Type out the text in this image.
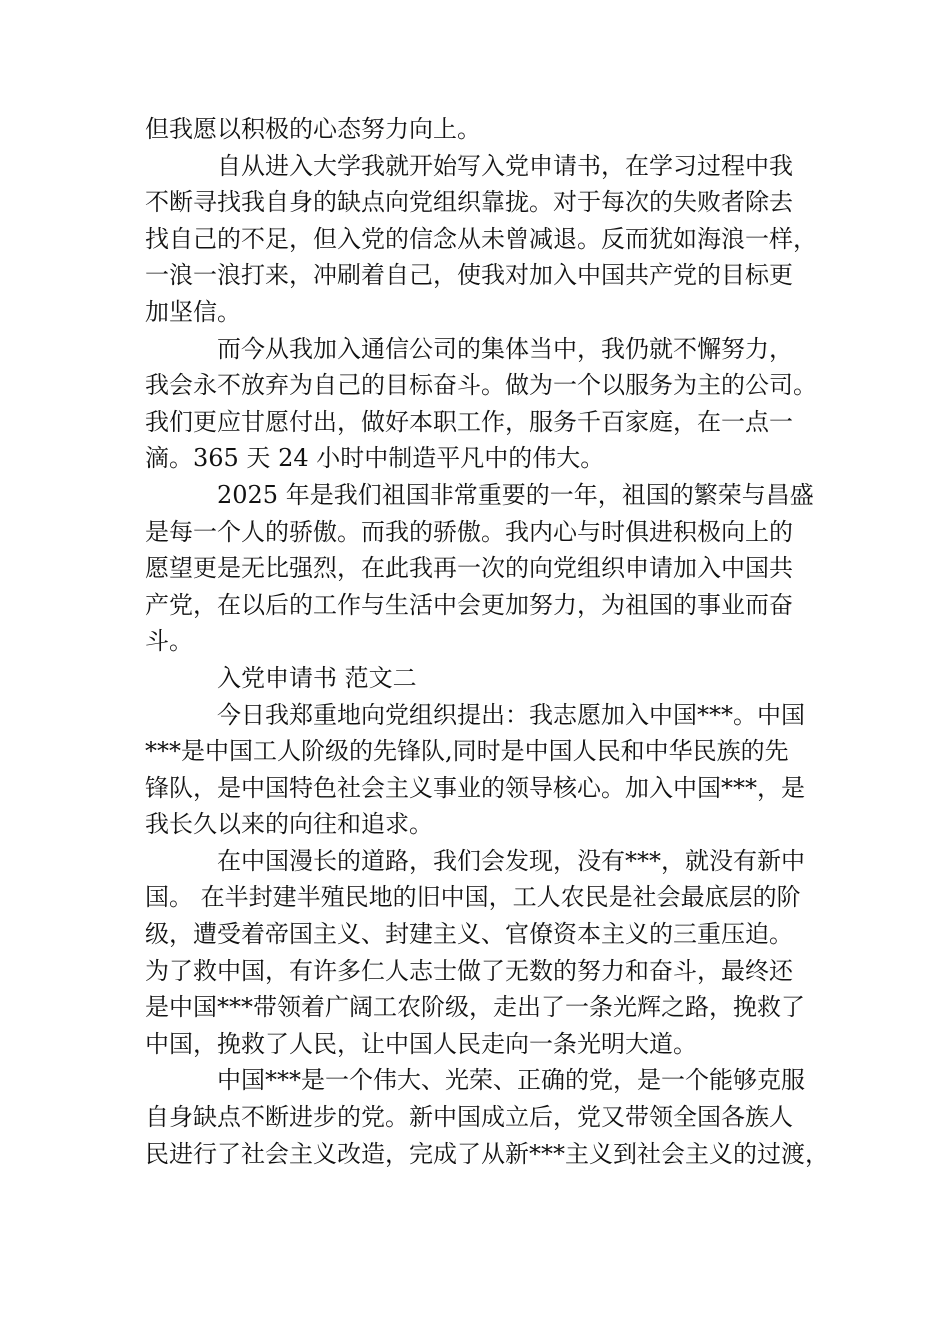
但我愿以积极的心态努力向上。
自从进入大学我就开始写入党申请书，在学习过程中我
不断寻找我自身的缺点向党组织靠拢。对于每次的失败者除去
找自己的不足，但入党的信念从未曾减退。反而犹如海浪一样，
一浪一浪打来，冲刷着自己，使我对加入中国共产党的目标更
加坚信。
而今从我加入通信公司的集体当中，我仍就不懈努力，
我会永不放弃为自己的目标奋斗。做为一个以服务为主的公司。
我们更应甘愿付出，做好本职工作，服务千百家庭，在一点一
滴。365 天 24 小时中制造平凡中的伟大。
2025 年是我们祖国非常重要的一年，祖国的繁荣与昌盛
是每一个人的骄傲。而我的骄傲。我内心与时俱进积极向上的
愿望更是无比强烈，在此我再一次的向党组织申请加入中国共
产党，在以后的工作与生活中会更加努力，为祖国的事业而奋
斗。
入党申请书 范文二
今日我郑重地向党组织提出：我志愿加入中国***。中国
***是中国工人阶级的先锋队,同时是中国人民和中华民族的先
锋队，是中国特色社会主义事业的领导核心。加入中国***，是
我长久以来的向往和追求。
在中国漫长的道路，我们会发现，没有***，就没有新中
国。 在半封建半殖民地的旧中国，工人农民是社会最底层的阶
级，遭受着帝国主义、封建主义、官僚资本主义的三重压迫。
为了救中国，有许多仁人志士做了无数的努力和奋斗，最终还
是中国***带领着广阔工农阶级，走出了一条光辉之路，挽救了
中国，挽救了人民，让中国人民走向一条光明大道。
中国***是一个伟大、光荣、正确的党，是一个能够克服
自身缺点不断进步的党。新中国成立后，党又带领全国各族人
民进行了社会主义改造，完成了从新***主义到社会主义的过渡，
